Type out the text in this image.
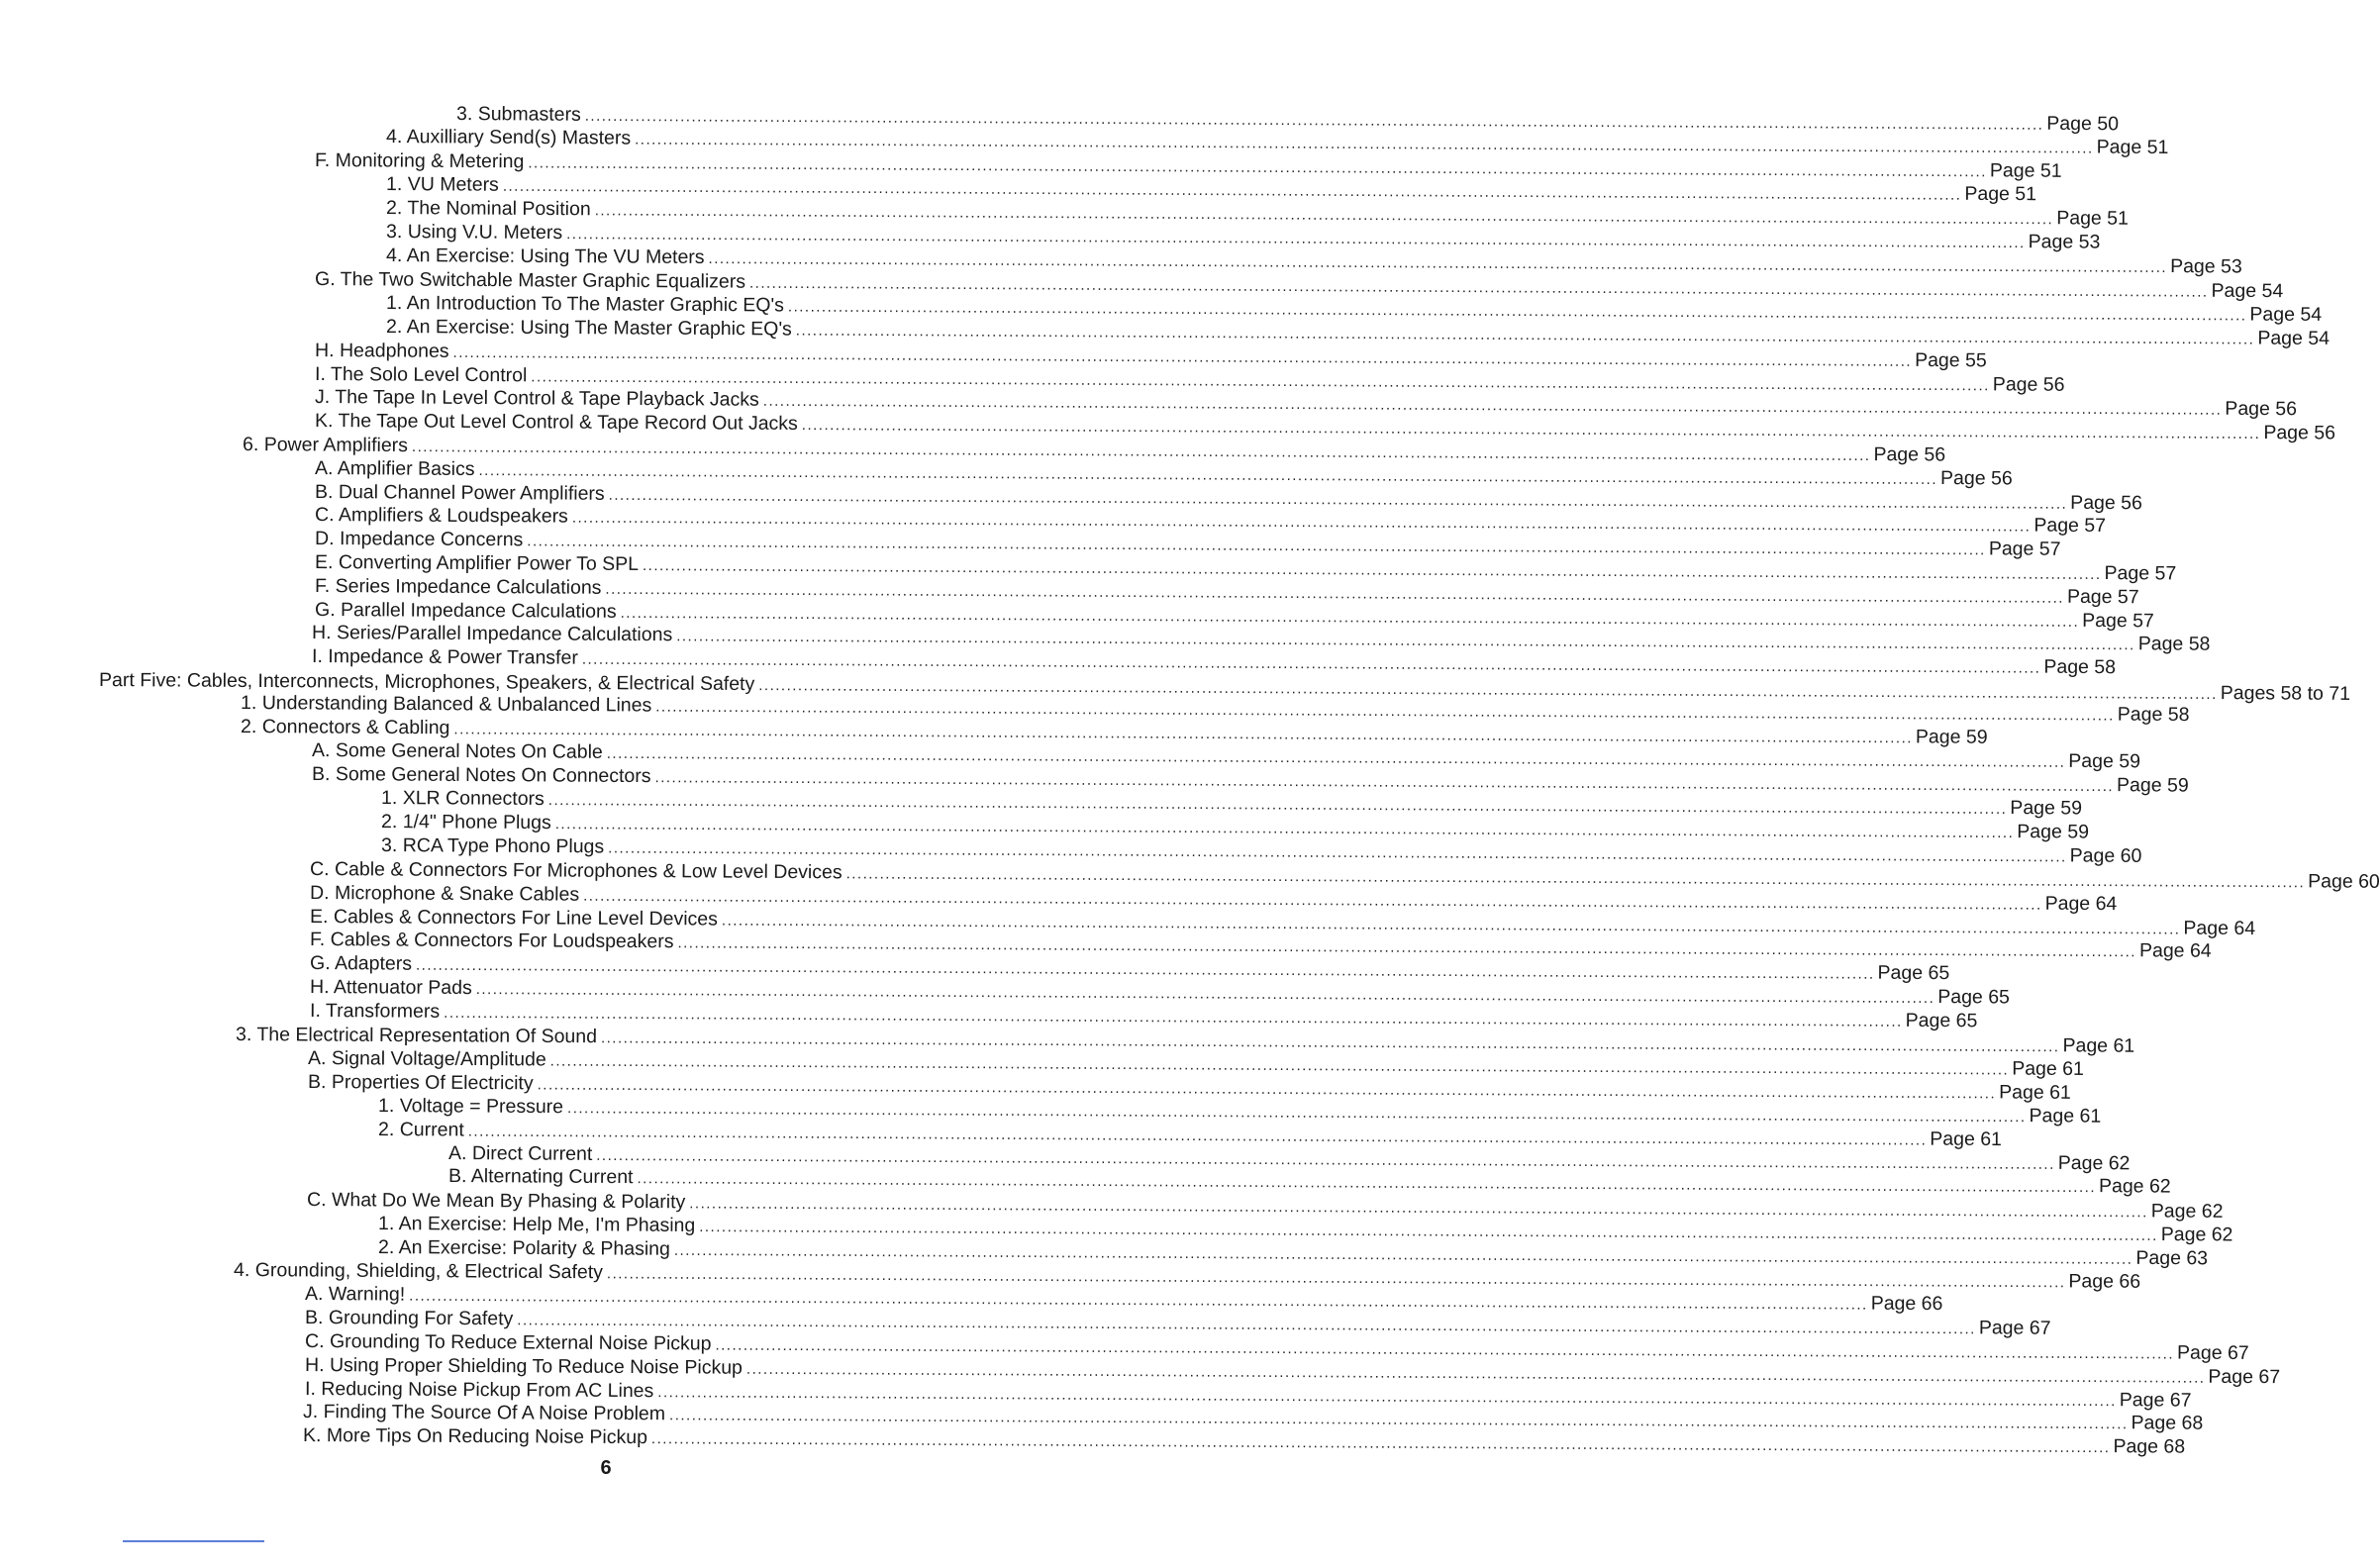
3. Submasters .................................................................................................................................................................................................................................................................... Page 50
4. Auxilliary Send(s) Masters .................................................................................................................................................................................................................................................................... Page 51
F. Monitoring & Metering .................................................................................................................................................................................................................................................................... Page 51
1. VU Meters .................................................................................................................................................................................................................................................................... Page 51
2. The Nominal Position .................................................................................................................................................................................................................................................................... Page 51
3. Using V.U. Meters .................................................................................................................................................................................................................................................................... Page 53
4. An Exercise: Using The VU Meters .................................................................................................................................................................................................................................................................... Page 53
G. The Two Switchable Master Graphic Equalizers .................................................................................................................................................................................................................................................................... Page 54
1. An Introduction To The Master Graphic EQ's .................................................................................................................................................................................................................................................................... Page 54
2. An Exercise: Using The Master Graphic EQ's .................................................................................................................................................................................................................................................................... Page 54
H. Headphones .................................................................................................................................................................................................................................................................... Page 55
I. The Solo Level Control .................................................................................................................................................................................................................................................................... Page 56
J. The Tape In Level Control & Tape Playback Jacks .................................................................................................................................................................................................................................................................... Page 56
K. The Tape Out Level Control & Tape Record Out Jacks .................................................................................................................................................................................................................................................................... Page 56
6. Power Amplifiers .................................................................................................................................................................................................................................................................... Page 56
A. Amplifier Basics .................................................................................................................................................................................................................................................................... Page 56
B. Dual Channel Power Amplifiers .................................................................................................................................................................................................................................................................... Page 56
C. Amplifiers & Loudspeakers .................................................................................................................................................................................................................................................................... Page 57
D. Impedance Concerns .................................................................................................................................................................................................................................................................... Page 57
E. Converting Amplifier Power To SPL .................................................................................................................................................................................................................................................................... Page 57
F. Series Impedance Calculations .................................................................................................................................................................................................................................................................... Page 57
G. Parallel Impedance Calculations .................................................................................................................................................................................................................................................................... Page 57
H. Series/Parallel Impedance Calculations .................................................................................................................................................................................................................................................................... Page 58
I. Impedance & Power Transfer .................................................................................................................................................................................................................................................................... Page 58
Part Five: Cables, Interconnects, Microphones, Speakers, & Electrical Safety .................................................................................................................................................................................................................................................................... Pages 58 to 71
1. Understanding Balanced & Unbalanced Lines .................................................................................................................................................................................................................................................................... Page 58
2. Connectors & Cabling .................................................................................................................................................................................................................................................................... Page 59
A. Some General Notes On Cable .................................................................................................................................................................................................................................................................... Page 59
B. Some General Notes On Connectors .................................................................................................................................................................................................................................................................... Page 59
1. XLR Connectors .................................................................................................................................................................................................................................................................... Page 59
2. 1/4" Phone Plugs .................................................................................................................................................................................................................................................................... Page 59
3. RCA Type Phono Plugs .................................................................................................................................................................................................................................................................... Page 60
C. Cable & Connectors For Microphones & Low Level Devices .................................................................................................................................................................................................................................................................... Page 60
D. Microphone & Snake Cables .................................................................................................................................................................................................................................................................... Page 64
E. Cables & Connectors For Line Level Devices .................................................................................................................................................................................................................................................................... Page 64
F. Cables & Connectors For Loudspeakers .................................................................................................................................................................................................................................................................... Page 64
G. Adapters .................................................................................................................................................................................................................................................................... Page 65
H. Attenuator Pads .................................................................................................................................................................................................................................................................... Page 65
I. Transformers .................................................................................................................................................................................................................................................................... Page 65
3. The Electrical Representation Of Sound .................................................................................................................................................................................................................................................................... Page 61
A. Signal Voltage/Amplitude .................................................................................................................................................................................................................................................................... Page 61
B. Properties Of Electricity .................................................................................................................................................................................................................................................................... Page 61
1. Voltage = Pressure .................................................................................................................................................................................................................................................................... Page 61
2. Current .................................................................................................................................................................................................................................................................... Page 61
A. Direct Current .................................................................................................................................................................................................................................................................... Page 62
B. Alternating Current .................................................................................................................................................................................................................................................................... Page 62
C. What Do We Mean By Phasing & Polarity .................................................................................................................................................................................................................................................................... Page 62
1. An Exercise: Help Me, I'm Phasing .................................................................................................................................................................................................................................................................... Page 62
2. An Exercise: Polarity & Phasing .................................................................................................................................................................................................................................................................... Page 63
4. Grounding, Shielding, & Electrical Safety .................................................................................................................................................................................................................................................................... Page 66
A. Warning! .................................................................................................................................................................................................................................................................... Page 66
B. Grounding For Safety .................................................................................................................................................................................................................................................................... Page 67
C. Grounding To Reduce External Noise Pickup .................................................................................................................................................................................................................................................................... Page 67
H. Using Proper Shielding To Reduce Noise Pickup .................................................................................................................................................................................................................................................................... Page 67
I. Reducing Noise Pickup From AC Lines .................................................................................................................................................................................................................................................................... Page 67
J. Finding The Source Of A Noise Problem .................................................................................................................................................................................................................................................................... Page 68
K. More Tips On Reducing Noise Pickup .................................................................................................................................................................................................................................................................... Page 68
6
